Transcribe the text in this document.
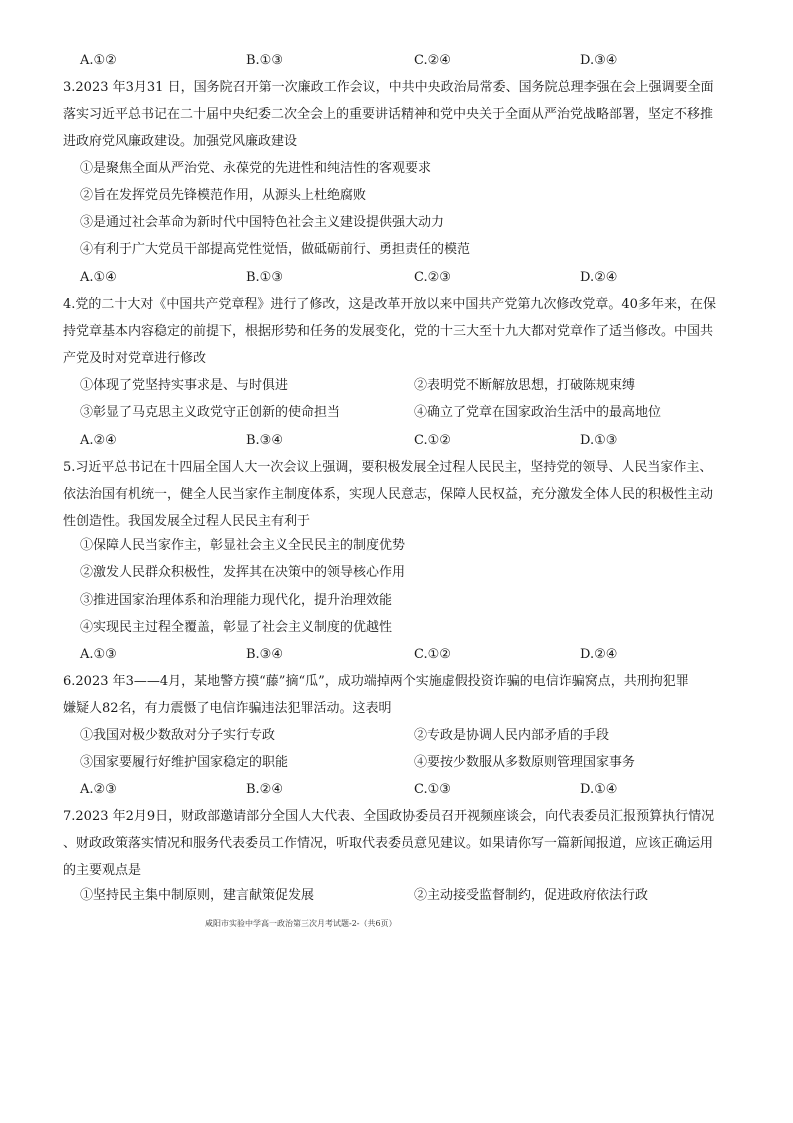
A.①②	B.①③	C.②④	D.③④
3.2023 年3月31 日，国务院召开第一次廉政工作会议，中共中央政治局常委、国务院总理李强在会上强调要全面
落实习近平总书记在二十届中央纪委二次全会上的重要讲话精神和党中央关于全面从严治党战略部署，坚定不移推
进政府党风廉政建设。加强党风廉政建设
①是聚焦全面从严治党、永葆党的先进性和纯洁性的客观要求
②旨在发挥党员先锋模范作用，从源头上杜绝腐败
③是通过社会革命为新时代中国特色社会主义建设提供强大动力
④有利于广大党员干部提高党性觉悟，做砥砺前行、勇担责任的模范
A.①④	B.①③	C.②③	D.②④
4.党的二十大对《中国共产党章程》进行了修改，这是改革开放以来中国共产党第九次修改党章。40多年来，在保
持党章基本内容稳定的前提下，根据形势和任务的发展变化，党的十三大至十九大都对党章作了适当修改。中国共
产党及时对党章进行修改
①体现了党坚持实事求是、与时俱进	②表明党不断解放思想，打破陈规束缚
③彰显了马克思主义政党守正创新的使命担当	④确立了党章在国家政治生活中的最高地位
A.②④	B.③④	C.①②	D.①③
5.习近平总书记在十四届全国人大一次会议上强调，要积极发展全过程人民民主，坚持党的领导、人民当家作主、
依法治国有机统一，健全人民当家作主制度体系，实现人民意志，保障人民权益，充分激发全体人民的积极性主动
性创造性。我国发展全过程人民民主有利于
①保障人民当家作主，彰显社会主义全民民主的制度优势
②激发人民群众积极性，发挥其在决策中的领导核心作用
③推进国家治理体系和治理能力现代化，提升治理效能
④实现民主过程全覆盖，彰显了社会主义制度的优越性
A.①③	B.③④	C.①②	D.②④
6.2023 年3——4月，某地警方摸“藤”摘“瓜”，成功端掉两个实施虚假投资诈骗的电信诈骗窝点，共刑拘犯罪
嫌疑人82名，有力震慑了电信诈骗违法犯罪活动。这表明
①我国对极少数敌对分子实行专政	②专政是协调人民内部矛盾的手段
③国家要履行好维护国家稳定的职能	④要按少数服从多数原则管理国家事务
A.②③	B.②④	C.①③	D.①④
7.2023 年2月9日，财政部邀请部分全国人大代表、全国政协委员召开视频座谈会，向代表委员汇报预算执行情况
、财政政策落实情况和服务代表委员工作情况，听取代表委员意见建议。如果请你写一篇新闻报道，应该正确运用
的主要观点是
①坚持民主集中制原则，建言献策促发展	②主动接受监督制约，促进政府依法行政
咸阳市实验中学高一政治第三次月考试题-2-（共6页）
